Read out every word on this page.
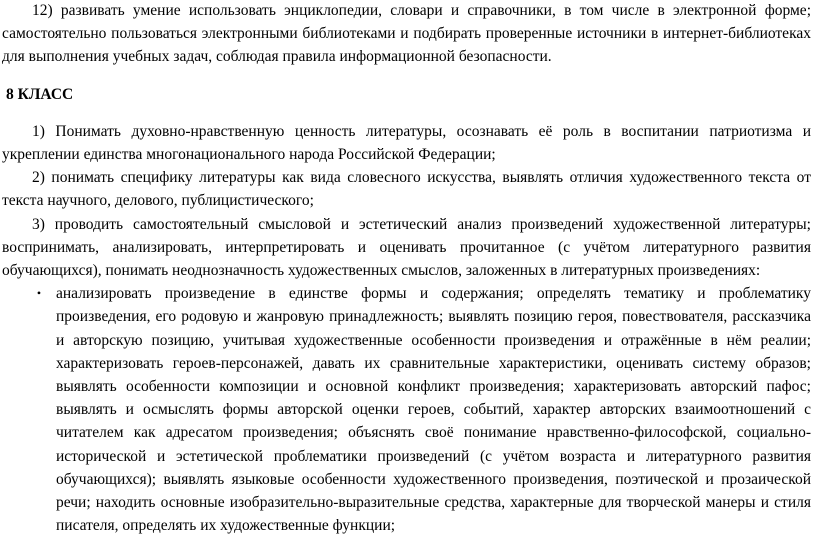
12) развивать умение использовать энциклопедии, словари и справочники, в том числе в электронной форме; самостоятельно пользоваться электронными библиотеками и подбирать проверенные источники в интернет-библиотеках для выполнения учебных задач, соблюдая правила информационной безопасности.

8 КЛАСС

1) Понимать духовно-нравственную ценность литературы, осознавать её роль в воспитании патриотизма и укреплении единства многонационального народа Российской Федерации;

2) понимать специфику литературы как вида словесного искусства, выявлять отличия художественного текста от текста научного, делового, публицистического;

3) проводить самостоятельный смысловой и эстетический анализ произведений художественной литературы; воспринимать, анализировать, интерпретировать и оценивать прочитанное (с учётом литературного развития обучающихся), понимать неоднозначность художественных смыслов, заложенных в литературных произведениях:

• анализировать произведение в единстве формы и содержания; определять тематику и проблематику произведения, его родовую и жанровую принадлежность; выявлять позицию героя, повествователя, рассказчика и авторскую позицию, учитывая художественные особенности произведения и отражённые в нём реалии; характеризовать героев-персонажей, давать их сравнительные характеристики, оценивать систему образов; выявлять особенности композиции и основной конфликт произведения; характеризовать авторский пафос; выявлять и осмыслять формы авторской оценки героев, событий, характер авторских взаимоотношений с читателем как адресатом произведения; объяснять своё понимание нравственно-философской, социально-исторической и эстетической проблематики произведений (с учётом возраста и литературного развития обучающихся); выявлять языковые особенности художественного произведения, поэтической и прозаической речи; находить основные изобразительно-выразительные средства, характерные для творческой манеры и стиля писателя, определять их художественные функции;
